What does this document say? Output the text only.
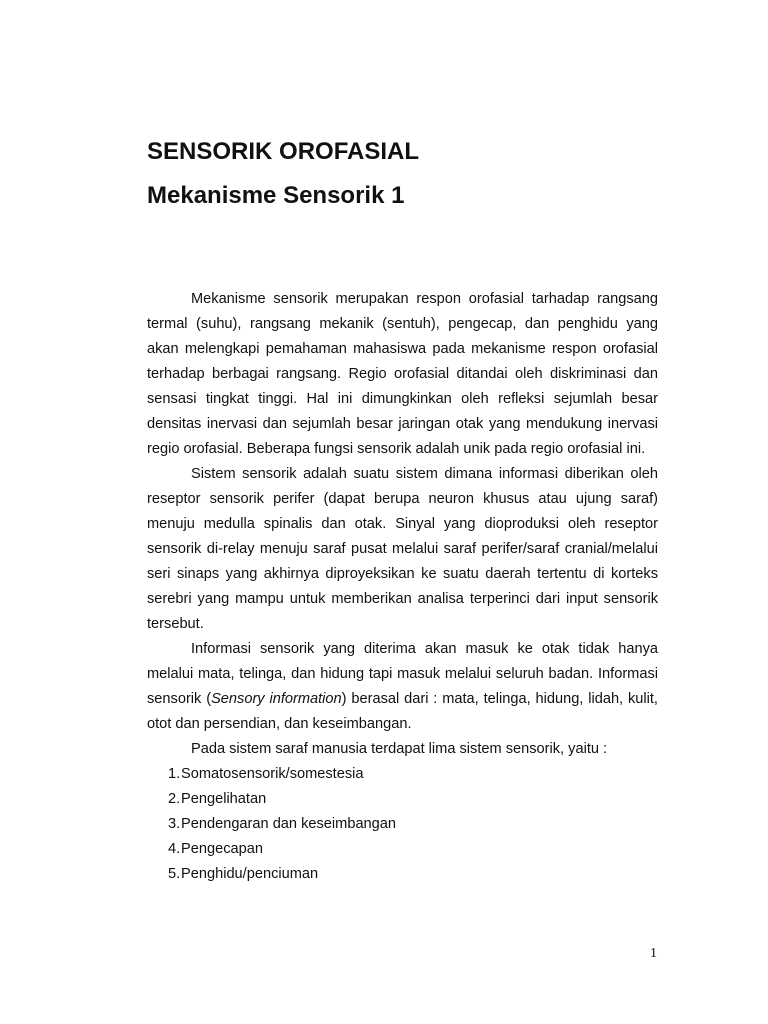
SENSORIK OROFASIAL
Mekanisme Sensorik 1

Mekanisme sensorik merupakan respon orofasial tarhadap rangsang termal (suhu), rangsang mekanik (sentuh), pengecap, dan penghidu yang akan melengkapi pemahaman mahasiswa pada mekanisme respon orofasial terhadap berbagai rangsang. Regio orofasial ditandai oleh diskriminasi dan sensasi tingkat tinggi. Hal ini dimungkinkan oleh refleksi sejumlah besar densitas inervasi dan sejumlah besar jaringan otak yang mendukung inervasi regio orofasial. Beberapa fungsi sensorik adalah unik pada regio orofasial ini.

Sistem sensorik adalah suatu sistem dimana informasi diberikan oleh reseptor sensorik perifer (dapat berupa neuron khusus atau ujung saraf) menuju medulla spinalis dan otak. Sinyal yang dioproduksi oleh reseptor sensorik di-relay menuju saraf pusat melalui saraf perifer/saraf cranial/melalui seri sinaps yang akhirnya diproyeksikan ke suatu daerah tertentu di korteks serebri yang mampu untuk memberikan analisa terperinci dari input sensorik tersebut.

Informasi sensorik yang diterima akan masuk ke otak tidak hanya melalui mata, telinga, dan hidung tapi masuk melalui seluruh badan. Informasi sensorik (Sensory information) berasal dari : mata, telinga, hidung, lidah, kulit, otot dan persendian, dan keseimbangan.

Pada sistem saraf manusia terdapat lima sistem sensorik, yaitu :

1. Somatosensorik/somestesia
2. Pengelihatan
3. Pendengaran dan keseimbangan
4. Pengecapan
5. Penghidu/penciuman
1
